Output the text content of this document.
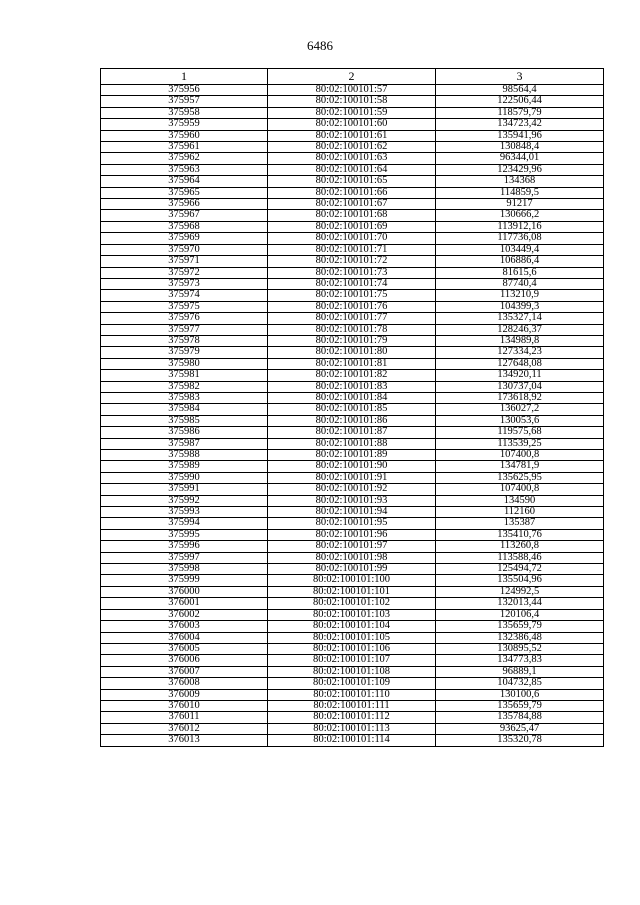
6486
1	2	3
375956	80:02:100101:57	98564,4
375957	80:02:100101:58	122506,44
375958	80:02:100101:59	118579,79
375959	80:02:100101:60	134723,42
375960	80:02:100101:61	135941,96
375961	80:02:100101:62	130848,4
375962	80:02:100101:63	96344,01
375963	80:02:100101:64	123429,96
375964	80:02:100101:65	134368
375965	80:02:100101:66	114859,5
375966	80:02:100101:67	91217
375967	80:02:100101:68	130666,2
375968	80:02:100101:69	113912,16
375969	80:02:100101:70	117736,08
375970	80:02:100101:71	103449,4
375971	80:02:100101:72	106886,4
375972	80:02:100101:73	81615,6
375973	80:02:100101:74	87740,4
375974	80:02:100101:75	113210,9
375975	80:02:100101:76	104399,3
375976	80:02:100101:77	135327,14
375977	80:02:100101:78	128246,37
375978	80:02:100101:79	134989,8
375979	80:02:100101:80	127334,23
375980	80:02:100101:81	127648,08
375981	80:02:100101:82	134920,11
375982	80:02:100101:83	130737,04
375983	80:02:100101:84	173618,92
375984	80:02:100101:85	136027,2
375985	80:02:100101:86	130053,6
375986	80:02:100101:87	119575,68
375987	80:02:100101:88	113539,25
375988	80:02:100101:89	107400,8
375989	80:02:100101:90	134781,9
375990	80:02:100101:91	135625,95
375991	80:02:100101:92	107400,8
375992	80:02:100101:93	134590
375993	80:02:100101:94	112160
375994	80:02:100101:95	135387
375995	80:02:100101:96	135410,76
375996	80:02:100101:97	113260,8
375997	80:02:100101:98	113588,46
375998	80:02:100101:99	125494,72
375999	80:02:100101:100	135504,96
376000	80:02:100101:101	124992,5
376001	80:02:100101:102	132013,44
376002	80:02:100101:103	120106,4
376003	80:02:100101:104	135659,79
376004	80:02:100101:105	132386,48
376005	80:02:100101:106	130895,52
376006	80:02:100101:107	134773,83
376007	80:02:100101:108	96889,1
376008	80:02:100101:109	104732,85
376009	80:02:100101:110	130100,6
376010	80:02:100101:111	135659,79
376011	80:02:100101:112	135784,88
376012	80:02:100101:113	93625,47
376013	80:02:100101:114	135320,78
